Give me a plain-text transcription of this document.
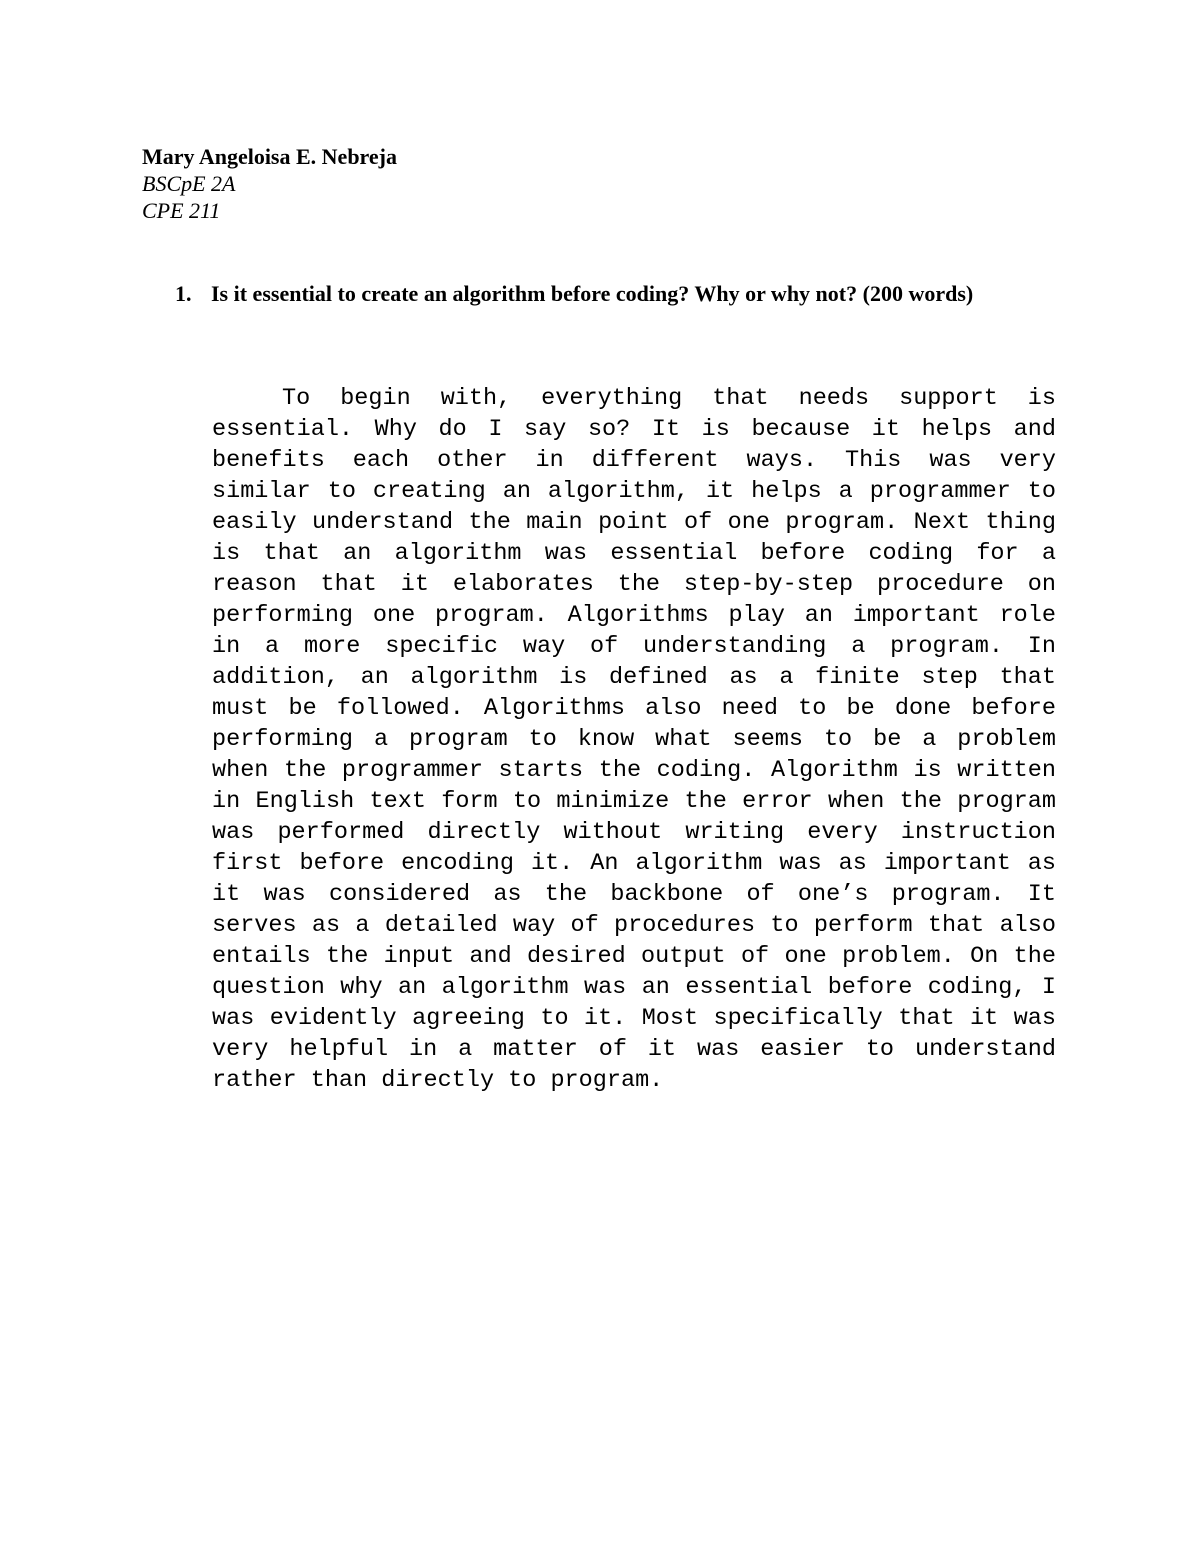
Mary Angeloisa E. Nebreja
BSCpE 2A
CPE 211
1. Is it essential to create an algorithm before coding? Why or why not? (200 words)

To begin with, everything that needs support is essential. Why do I say so? It is because it helps and benefits each other in different ways. This was very similar to creating an algorithm, it helps a programmer to easily understand the main point of one program. Next thing is that an algorithm was essential before coding for a reason that it elaborates the step-by-step procedure on performing one program. Algorithms play an important role in a more specific way of understanding a program. In addition, an algorithm is defined as a finite step that must be followed. Algorithms also need to be done before performing a program to know what seems to be a problem when the programmer starts the coding. Algorithm is written in English text form to minimize the error when the program was performed directly without writing every instruction first before encoding it. An algorithm was as important as it was considered as the backbone of one’s program. It serves as a detailed way of procedures to perform that also entails the input and desired output of one problem. On the question why an algorithm was an essential before coding, I was evidently agreeing to it. Most specifically that it was very helpful in a matter of it was easier to understand rather than directly to program.
